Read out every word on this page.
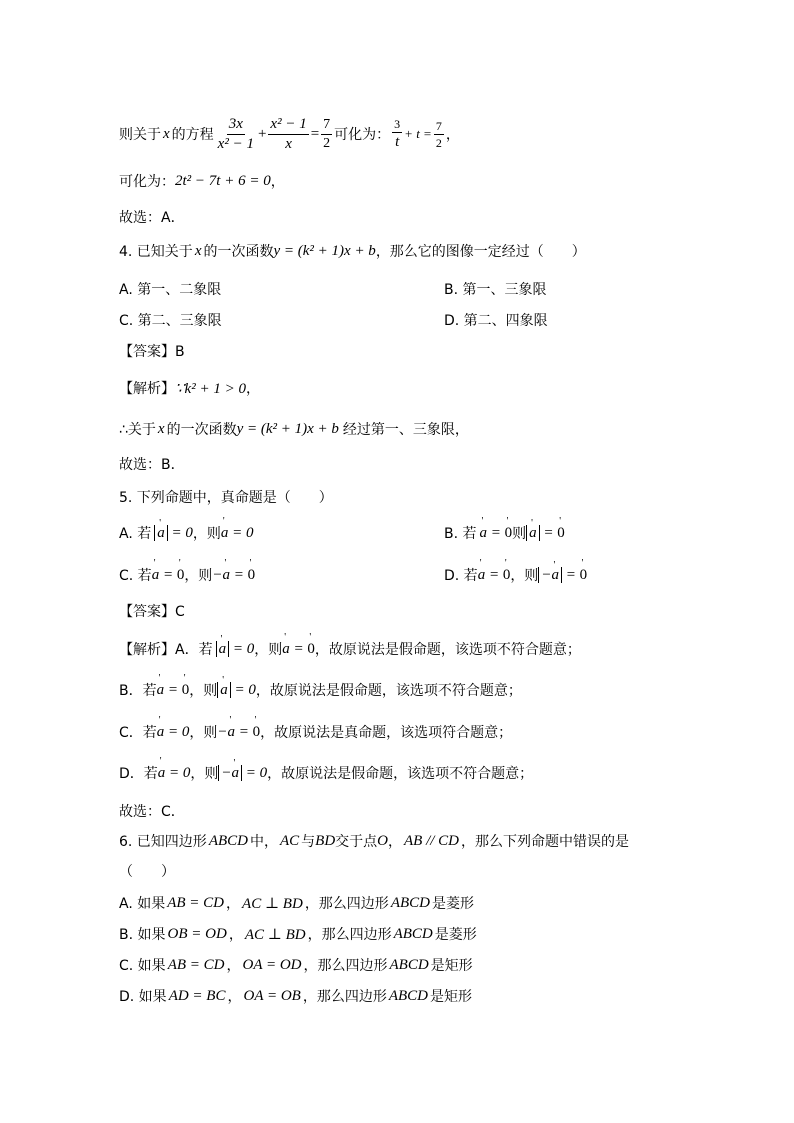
则关于 x 的方程 $\frac{3x}{\text{x² − 1}} + \frac{\text{x² − 1}}{x} = \frac{7}{2}$ 可化为： $\frac{3}{t} + t = \frac{7}{2}$ ，
可化为： 2t² − 7t + 6 = 0 ，
故选：A．
4. 已知关于 x 的一次函数 y = (k² + 1)x + b ，那么它的图像一定经过（　　）
A. 第一、二象限	B. 第一、三象限
C. 第二、三象限	D. 第二、四象限
【答案】B
【解析】 ∵k² + 1 > 0 ，
∴关于 x 的一次函数 y = (k² + 1)x + b 经过第一、三象限，
故选：B．
5. 下列命题中，真命题是（　　）
A. 若 ' a = 0 ，则 ' a = 0	B. 若 ' a = ' 0 则 ' a = ' 0
C. 若 ' a = ' 0 ，则 −' a = ' 0	D. 若 ' a = ' 0 ，则 −' a = ' 0
【答案】C
【解析】A．若 ' a = 0 ，则 ' a = ' 0 ，故原说法是假命题，该选项不符合题意；
B．若 ' a = ' 0 ，则 ' a = 0 ，故原说法是假命题，该选项不符合题意；
C．若 ' a = 0 ，则 −' a = ' 0 ，故原说法是真命题，该选项符合题意；
D．若 ' a = 0 ，则 −' a = 0 ，故原说法是假命题，该选项不符合题意；
故选：C．
6. 已知四边形 ABCD 中， AC 与 BD 交于点 O ， AB // CD ，那么下列命题中错误的是
（　　）
A. 如果 AB = CD ， AC ⊥ BD ，那么四边形 ABCD 是菱形
B. 如果 OB = OD ， AC ⊥ BD ，那么四边形 ABCD 是菱形
C. 如果 AB = CD ， OA = OD ，那么四边形 ABCD 是矩形
D. 如果 AD = BC ， OA = OB ，那么四边形 ABCD 是矩形
